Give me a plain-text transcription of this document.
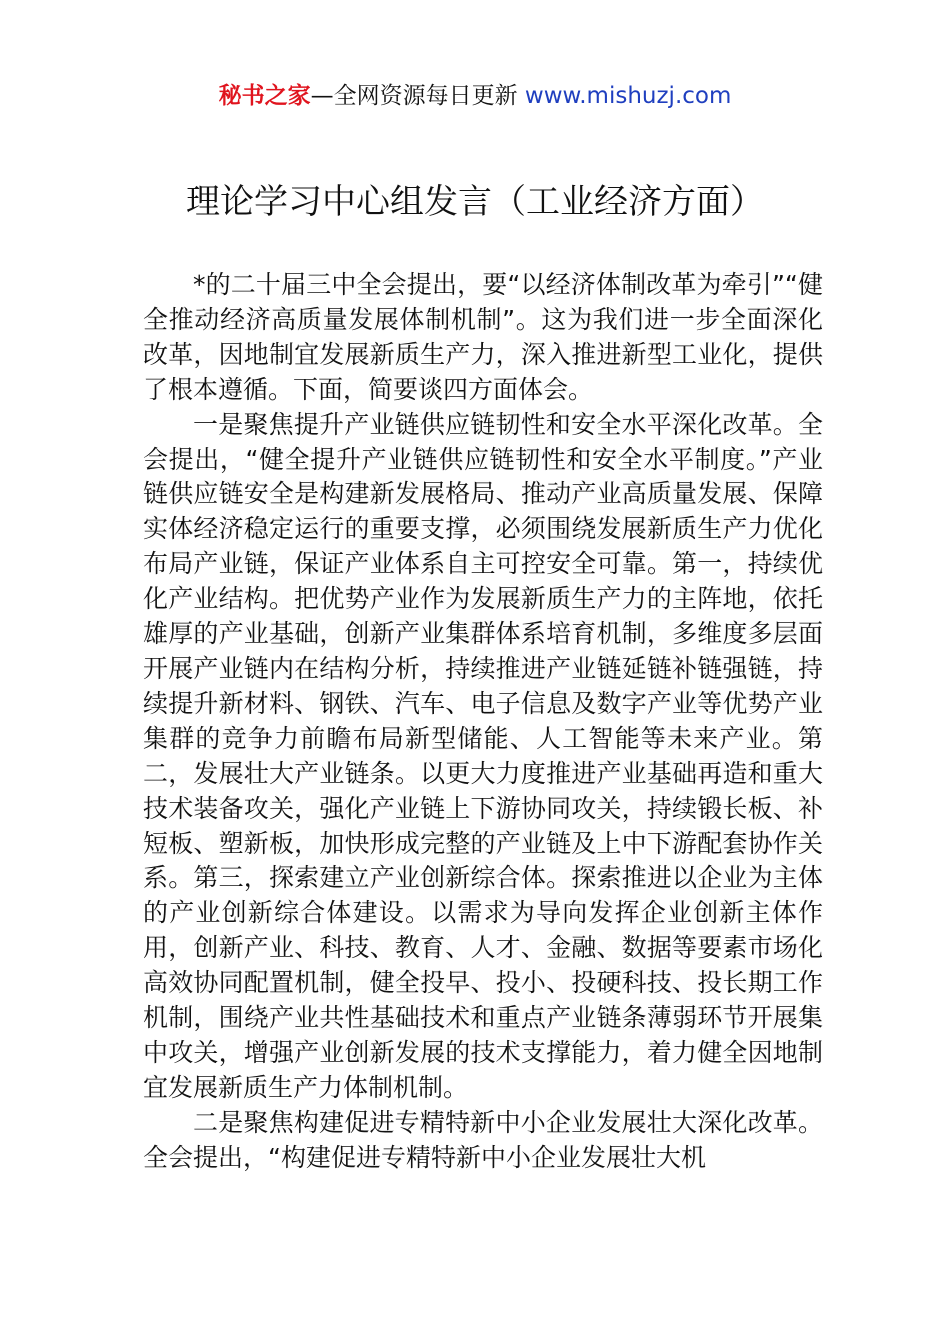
秘书之家—全网资源每日更新 www.mishuzj.com
理论学习中心组发言（工业经济方面）

*的二十届三中全会提出，要“以经济体制改革为牵引”“健全推动经济高质量发展体制机制”。这为我们进一步全面深化改革，因地制宜发展新质生产力，深入推进新型工业化，提供了根本遵循。下面，简要谈四方面体会。

一是聚焦提升产业链供应链韧性和安全水平深化改革。全会提出，“健全提升产业链供应链韧性和安全水平制度。”产业链供应链安全是构建新发展格局、推动产业高质量发展、保障实体经济稳定运行的重要支撑，必须围绕发展新质生产力优化布局产业链，保证产业体系自主可控安全可靠。第一，持续优化产业结构。把优势产业作为发展新质生产力的主阵地，依托雄厚的产业基础，创新产业集群体系培育机制，多维度多层面开展产业链内在结构分析，持续推进产业链延链补链强链，持续提升新材料、钢铁、汽车、电子信息及数字产业等优势产业集群的竞争力前瞻布局新型储能、人工智能等未来产业。第二，发展壮大产业链条。以更大力度推进产业基础再造和重大技术装备攻关，强化产业链上下游协同攻关，持续锻长板、补短板、塑新板，加快形成完整的产业链及上中下游配套协作关系。第三，探索建立产业创新综合体。探索推进以企业为主体的产业创新综合体建设。以需求为导向发挥企业创新主体作用，创新产业、科技、教育、人才、金融、数据等要素市场化高效协同配置机制，健全投早、投小、投硬科技、投长期工作机制，围绕产业共性基础技术和重点产业链条薄弱环节开展集中攻关，增强产业创新发展的技术支撑能力，着力健全因地制宜发展新质生产力体制机制。

二是聚焦构建促进专精特新中小企业发展壮大深化改革。全会提出，“构建促进专精特新中小企业发展壮大机
